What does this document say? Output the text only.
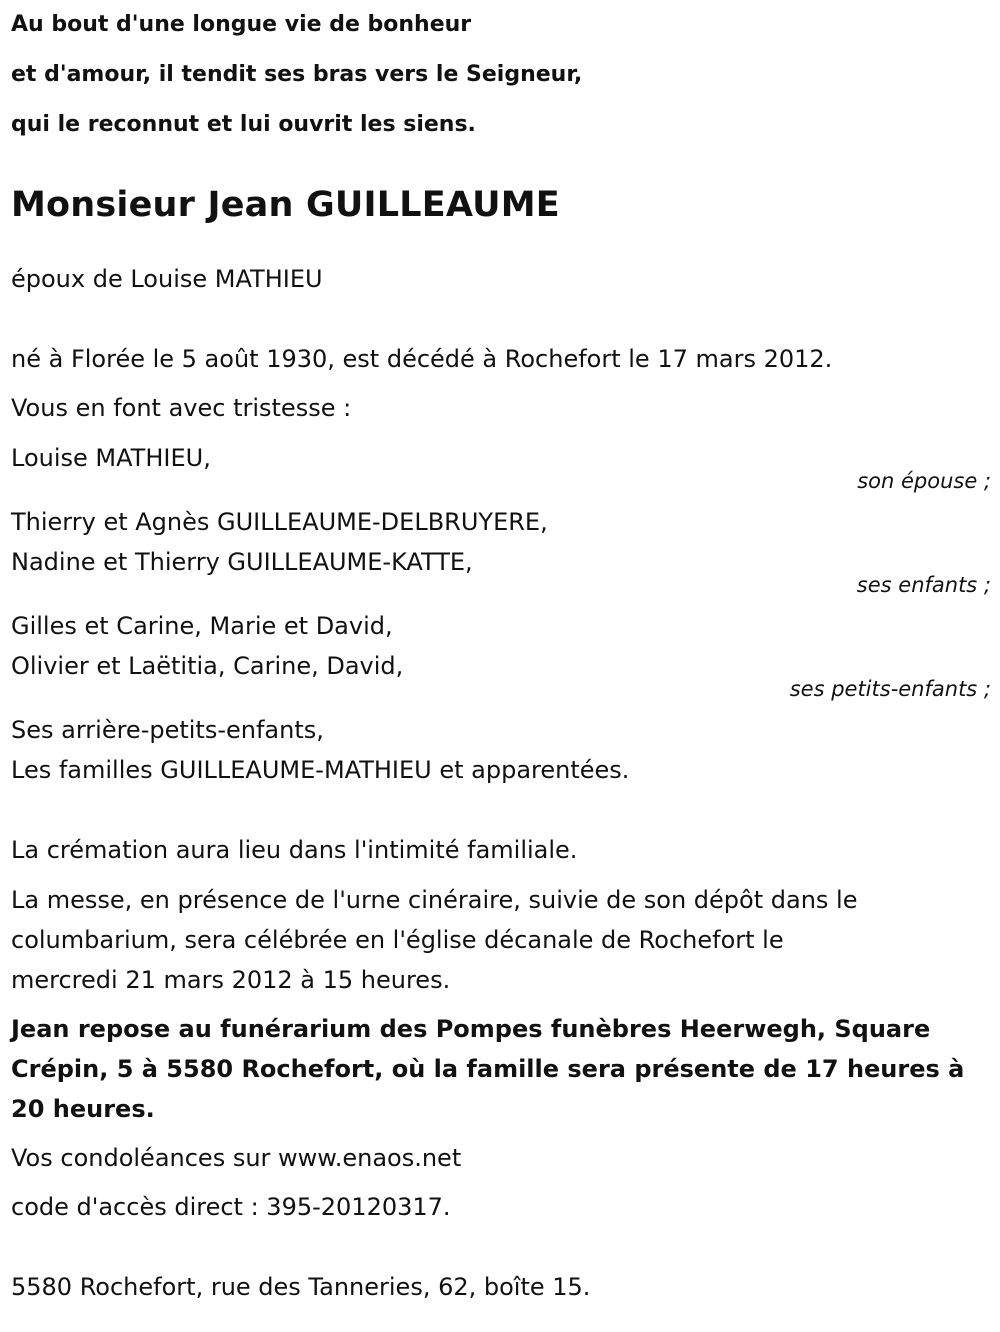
Au bout d'une longue vie de bonheur
et d'amour, il tendit ses bras vers le Seigneur,
qui le reconnut et lui ouvrit les siens.
Monsieur Jean GUILLEAUME
époux de Louise MATHIEU
né à Florée le 5 août 1930, est décédé à Rochefort le 17 mars 2012.
Vous en font avec tristesse :
Louise MATHIEU,
son épouse ;
Thierry et Agnès GUILLEAUME-DELBRUYERE,
Nadine et Thierry GUILLEAUME-KATTE,
ses enfants ;
Gilles et Carine, Marie et David,
Olivier et Laëtitia, Carine, David,
ses petits-enfants ;
Ses arrière-petits-enfants,
Les familles GUILLEAUME-MATHIEU et apparentées.
La crémation aura lieu dans l'intimité familiale.
La messe, en présence de l'urne cinéraire, suivie de son dépôt dans le
columbarium, sera célébrée en l'église décanale de Rochefort le
mercredi 21 mars 2012 à 15 heures.
Jean repose au funérarium des Pompes funèbres Heerwegh, Square
Crépin, 5 à 5580 Rochefort, où la famille sera présente de 17 heures à
20 heures.
Vos condoléances sur www.enaos.net
code d'accès direct : 395-20120317.
5580 Rochefort, rue des Tanneries, 62, boîte 15.
